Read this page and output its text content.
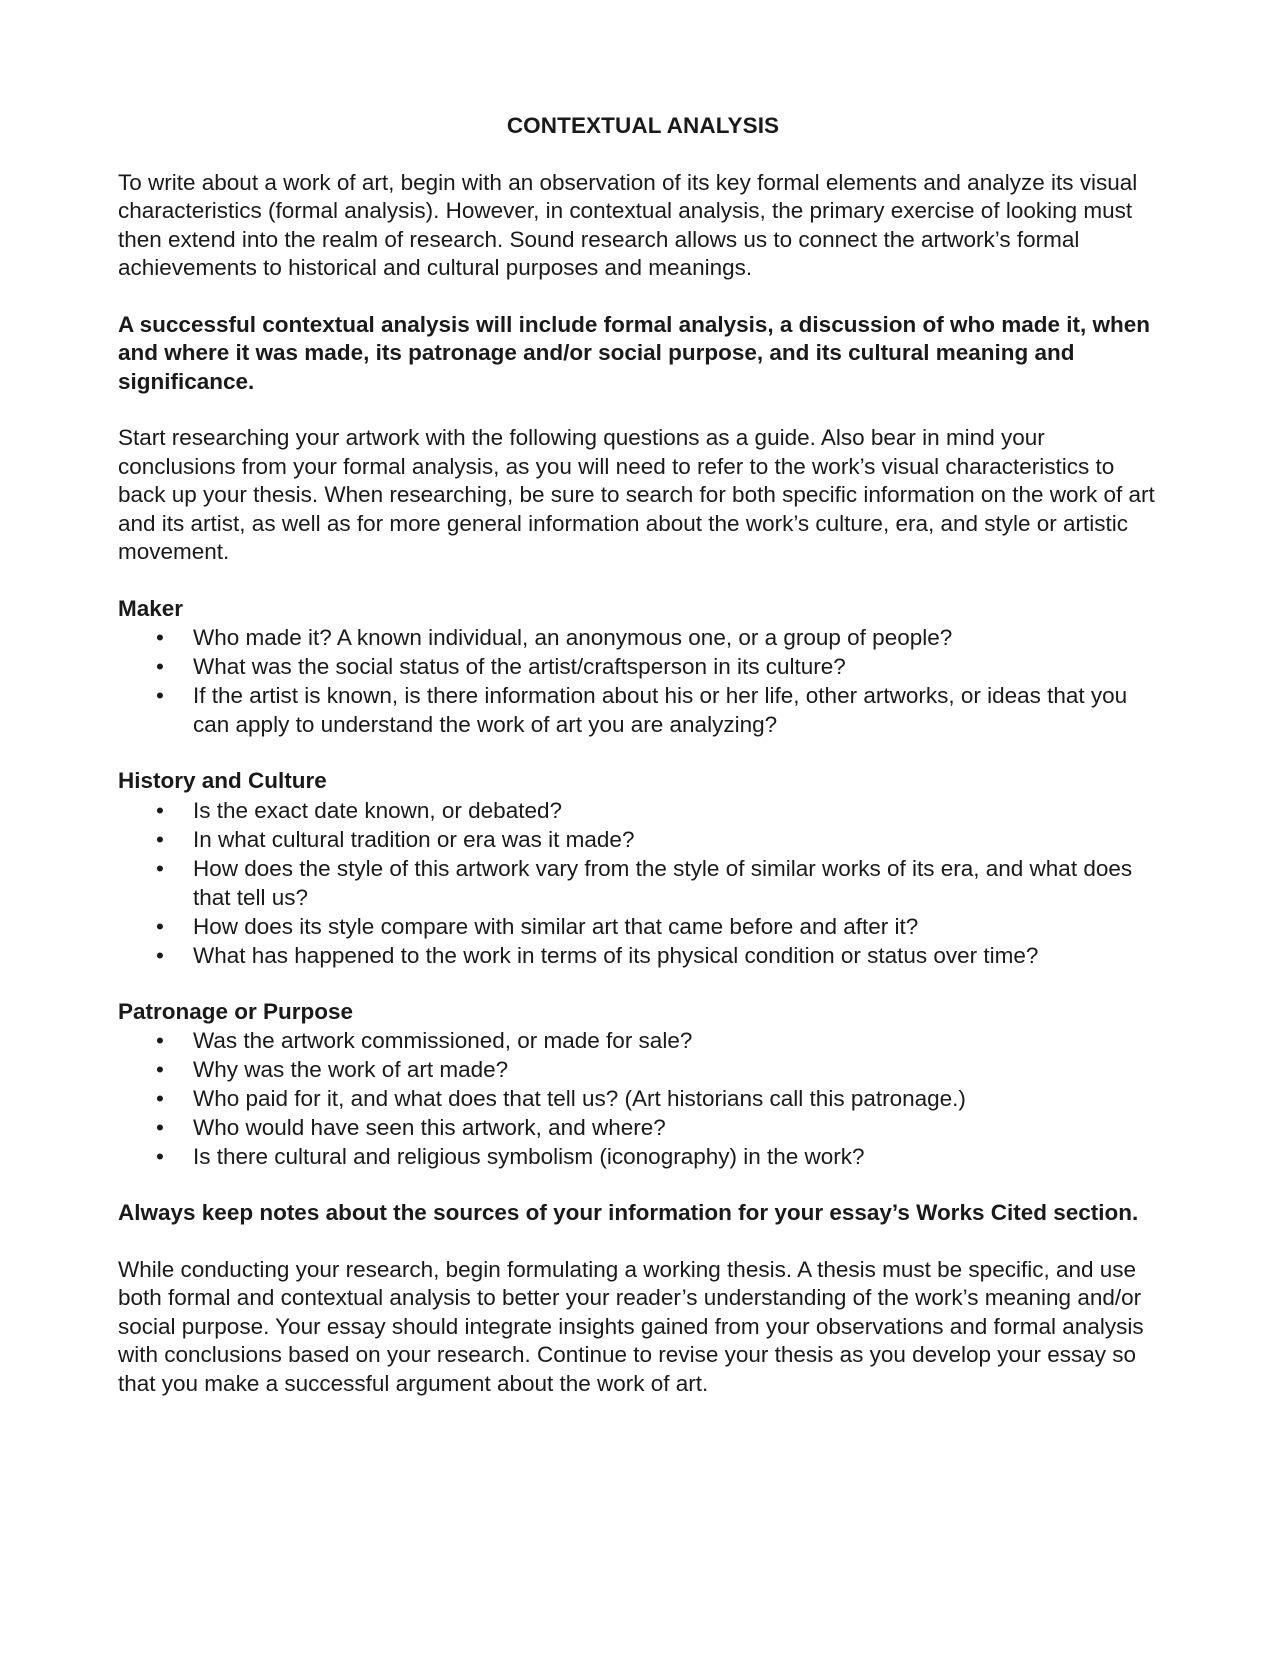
CONTEXTUAL ANALYSIS

To write about a work of art, begin with an observation of its key formal elements and analyze its visual characteristics (formal analysis). However, in contextual analysis, the primary exercise of looking must then extend into the realm of research. Sound research allows us to connect the artwork’s formal achievements to historical and cultural purposes and meanings.

A successful contextual analysis will include formal analysis, a discussion of who made it, when and where it was made, its patronage and/or social purpose, and its cultural meaning and significance.

Start researching your artwork with the following questions as a guide. Also bear in mind your conclusions from your formal analysis, as you will need to refer to the work’s visual characteristics to back up your thesis. When researching, be sure to search for both specific information on the work of art and its artist, as well as for more general information about the work’s culture, era, and style or artistic movement.

Maker
• Who made it? A known individual, an anonymous one, or a group of people?
• What was the social status of the artist/craftsperson in its culture?
• If the artist is known, is there information about his or her life, other artworks, or ideas that you can apply to understand the work of art you are analyzing?
History and Culture
• Is the exact date known, or debated?
• In what cultural tradition or era was it made?
• How does the style of this artwork vary from the style of similar works of its era, and what does that tell us?
• How does its style compare with similar art that came before and after it?
• What has happened to the work in terms of its physical condition or status over time?
Patronage or Purpose
• Was the artwork commissioned, or made for sale?
• Why was the work of art made?
• Who paid for it, and what does that tell us? (Art historians call this patronage.)
• Who would have seen this artwork, and where?
• Is there cultural and religious symbolism (iconography) in the work?

Always keep notes about the sources of your information for your essay’s Works Cited section.

While conducting your research, begin formulating a working thesis. A thesis must be specific, and use both formal and contextual analysis to better your reader’s understanding of the work’s meaning and/or social purpose. Your essay should integrate insights gained from your observations and formal analysis with conclusions based on your research. Continue to revise your thesis as you develop your essay so that you make a successful argument about the work of art.
